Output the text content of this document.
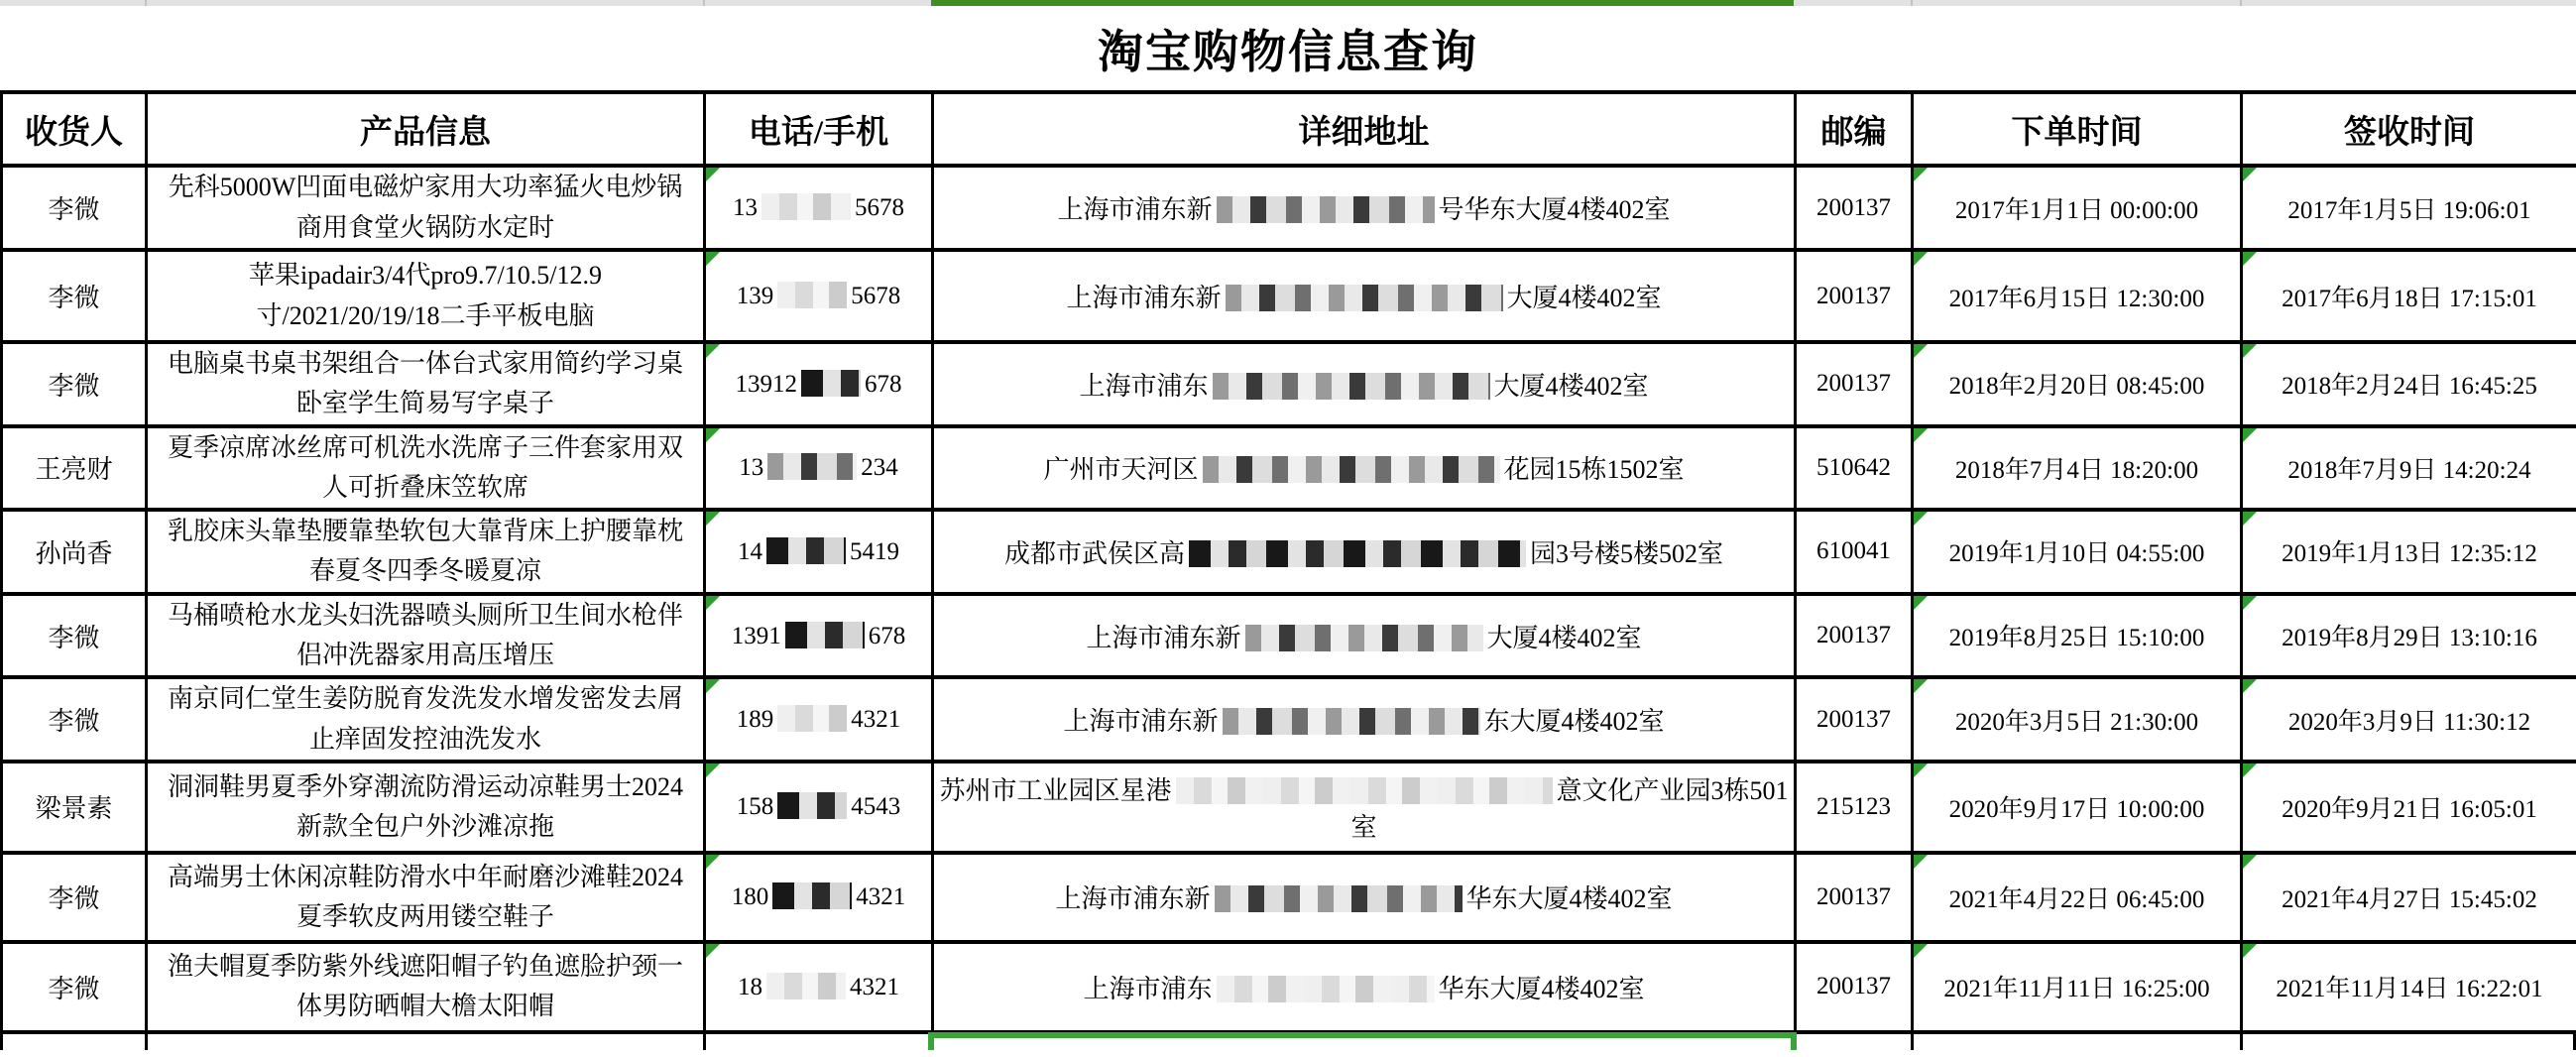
淘宝购物信息查询
收货人	产品信息	电话/手机	详细地址	邮编	下单时间	签收时间
李微	先科5000W凹面电磁炉家用大功率猛火电炒锅商用食堂火锅防水定时	13 5678	上海市浦东新 号华东大厦4楼402室	200137	2017年1月1日 00:00:00	2017年1月5日 19:06:01
李微	苹果ipadair3/4代pro9.7/10.5/12.9寸/2021/20/19/18二手平板电脑	139 5678	上海市浦东新 大厦4楼402室	200137	2017年6月15日 12:30:00	2017年6月18日 17:15:01
李微	电脑桌书桌书架组合一体台式家用简约学习桌卧室学生简易写字桌子	13912 678	上海市浦东 大厦4楼402室	200137	2018年2月20日 08:45:00	2018年2月24日 16:45:25
王亮财	夏季凉席冰丝席可机洗水洗席子三件套家用双人可折叠床笠软席	13 234	广州市天河区 花园15栋1502室	510642	2018年7月4日 18:20:00	2018年7月9日 14:20:24
孙尚香	乳胶床头靠垫腰靠垫软包大靠背床上护腰靠枕春夏冬四季冬暖夏凉	14 5419	成都市武侯区高 园3号楼5楼502室	610041	2019年1月10日 04:55:00	2019年1月13日 12:35:12
李微	马桶喷枪水龙头妇洗器喷头厕所卫生间水枪伴侣冲洗器家用高压增压	1391 678	上海市浦东新 大厦4楼402室	200137	2019年8月25日 15:10:00	2019年8月29日 13:10:16
李微	南京同仁堂生姜防脱育发洗发水增发密发去屑止痒固发控油洗发水	189 4321	上海市浦东新 东大厦4楼402室	200137	2020年3月5日 21:30:00	2020年3月9日 11:30:12
梁景素	洞洞鞋男夏季外穿潮流防滑运动凉鞋男士2024新款全包户外沙滩凉拖	158 4543	苏州市工业园区星港 意文化产业园3栋501室	215123	2020年9月17日 10:00:00	2020年9月21日 16:05:01
李微	高端男士休闲凉鞋防滑水中年耐磨沙滩鞋2024夏季软皮两用镂空鞋子	180 4321	上海市浦东新 华东大厦4楼402室	200137	2021年4月22日 06:45:00	2021年4月27日 15:45:02
李微	渔夫帽夏季防紫外线遮阳帽子钓鱼遮脸护颈一体男防晒帽大檐太阳帽	18 4321	上海市浦东 华东大厦4楼402室	200137	2021年11月11日 16:25:00	2021年11月14日 16:22:01
